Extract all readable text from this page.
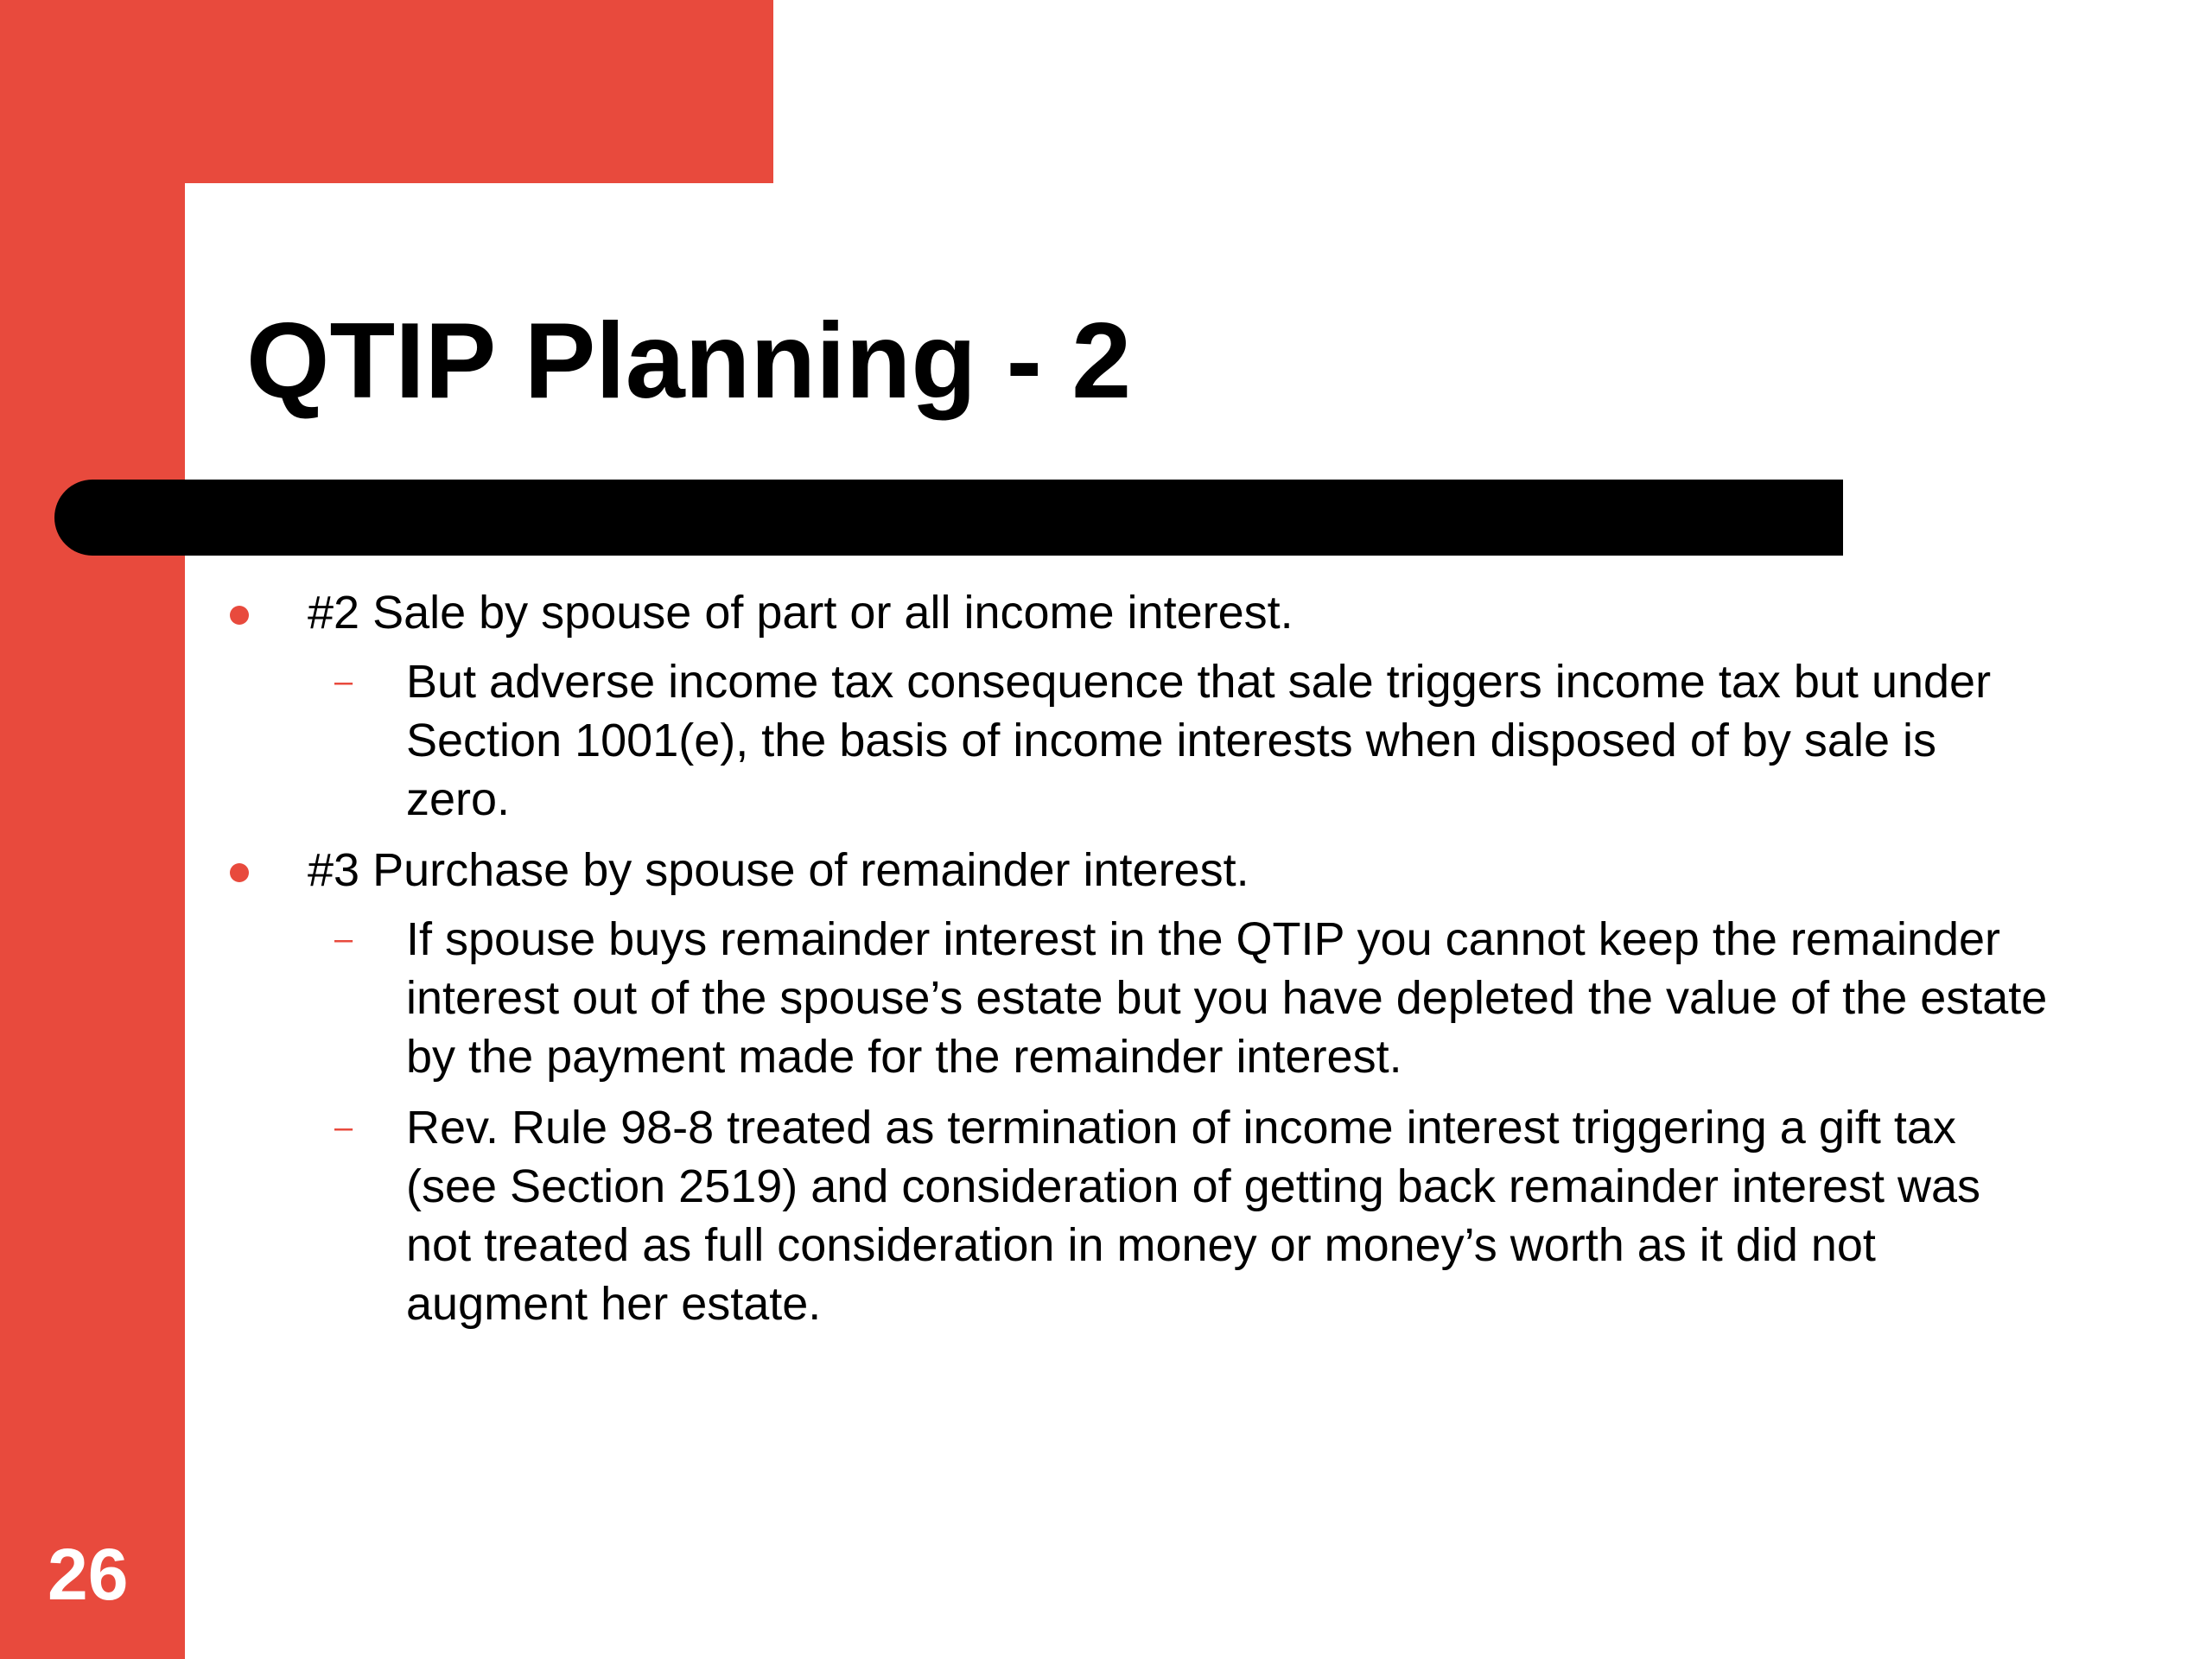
QTIP Planning - 2
#2 Sale by spouse of part or all income interest.
– But adverse income tax consequence that sale triggers income tax but under Section 1001(e), the basis of income interests when disposed of by sale is zero.
#3 Purchase by spouse of remainder interest.
– If spouse buys remainder interest in the QTIP you cannot keep the remainder interest out of the spouse’s estate but you have depleted the value of the estate by the payment made for the remainder interest.
– Rev. Rule 98-8 treated as termination of income interest triggering a gift tax (see Section 2519) and consideration of getting back remainder interest was not treated as full consideration in money or money’s worth as it did not augment her estate.
26
